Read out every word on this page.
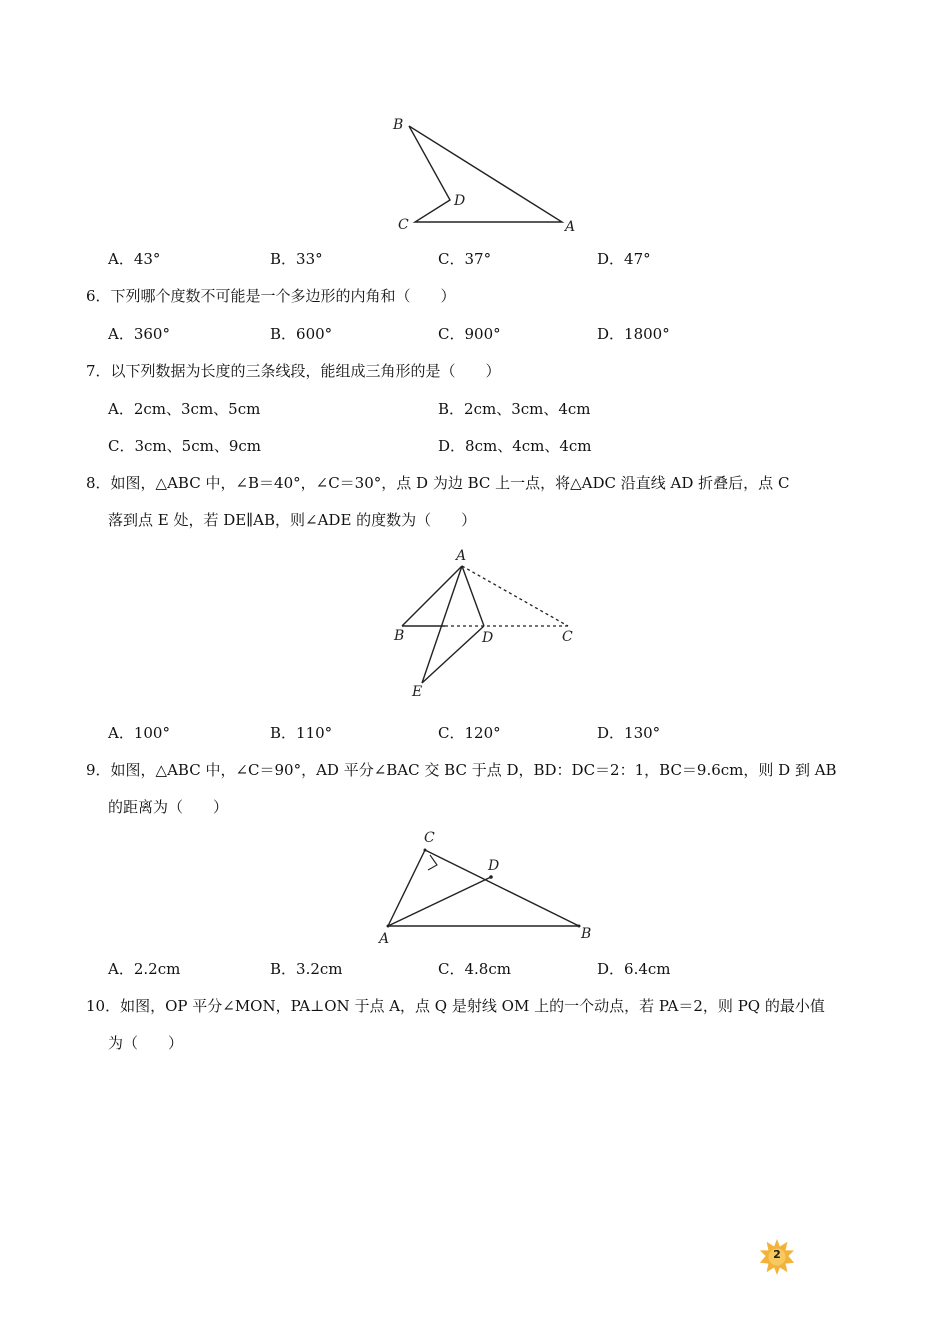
B
D
C	A
A．43°	B．33°	C．37°	D．47°
6．下列哪个度数不可能是一个多边形的内角和（　　）
A．360°	B．600°	C．900°	D．1800°
7．以下列数据为长度的三条线段，能组成三角形的是（　　）
A．2cm、3cm、5cm	B．2cm、3cm、4cm
C．3cm、5cm、9cm	D．8cm、4cm、4cm
8．如图，△ABC 中，∠B＝40°，∠C＝30°，点 D 为边 BC 上一点，将△ADC 沿直线 AD 折叠后，点 C
落到点 E 处，若 DE∥AB，则∠ADE 的度数为（　　）
A
B	D	C
E
A．100°	B．110°	C．120°	D．130°
9．如图，△ABC 中，∠C＝90°，AD 平分∠BAC 交 BC 于点 D，BD：DC＝2：1，BC＝9.6cm，则 D 到 AB
的距离为（　　）
C
D
A	B
A．2.2cm	B．3.2cm	C．4.8cm	D．6.4cm
10．如图，OP 平分∠MON，PA⊥ON 于点 A，点 Q 是射线 OM 上的一个动点，若 PA＝2，则 PQ 的最小值
为（　　）
2
